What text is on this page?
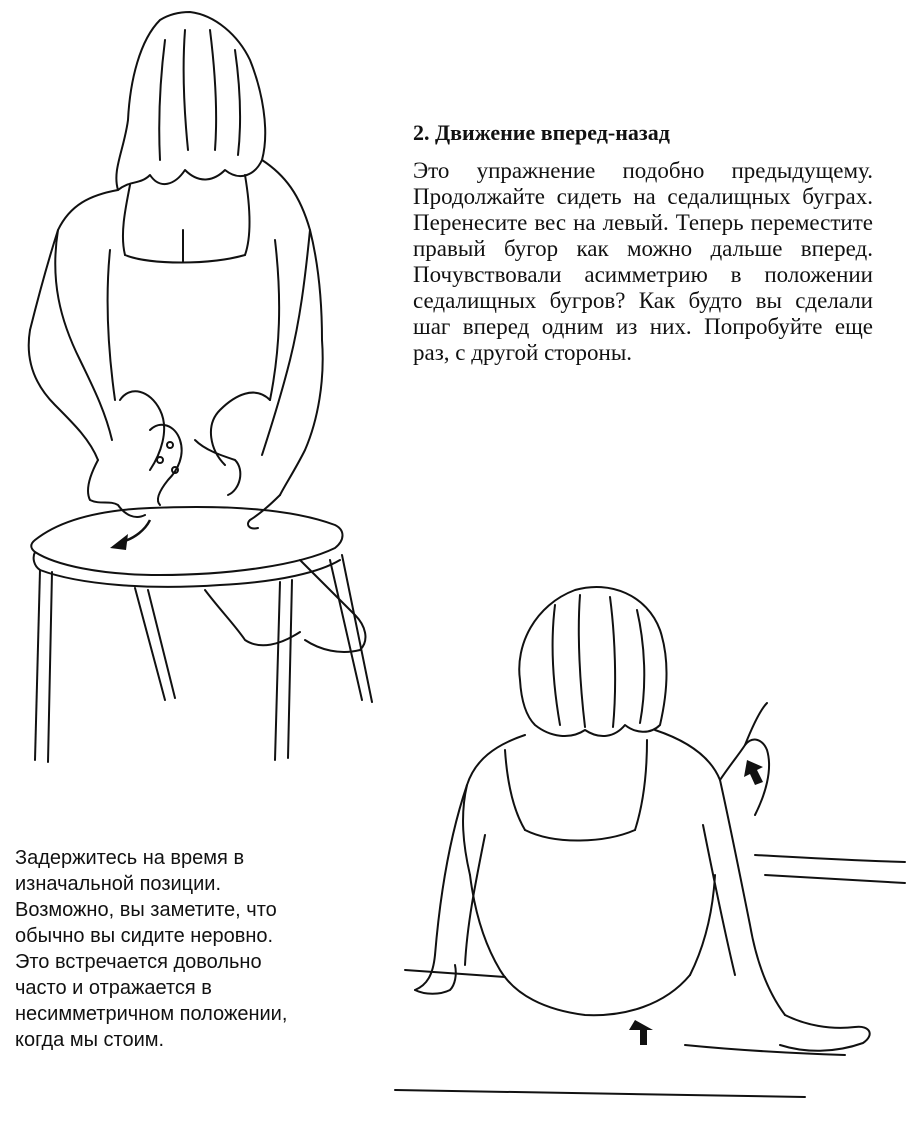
2. Движение вперед-назад

Это упражнение подобно предыдущему. Продолжайте сидеть на седалищных буграх. Перенесите вес на левый. Теперь переместите правый бугор как можно дальше вперед. Почувствовали асимметрию в положении седалищных бугров? Как будто вы сделали шаг вперед одним из них. Попробуйте еще раз, с другой стороны.

Задержитесь на время в
изначальной позиции.
Возможно, вы заметите, что
обычно вы сидите неровно.
Это встречается довольно
часто и отражается в
несимметричном положении,
когда мы стоим.
